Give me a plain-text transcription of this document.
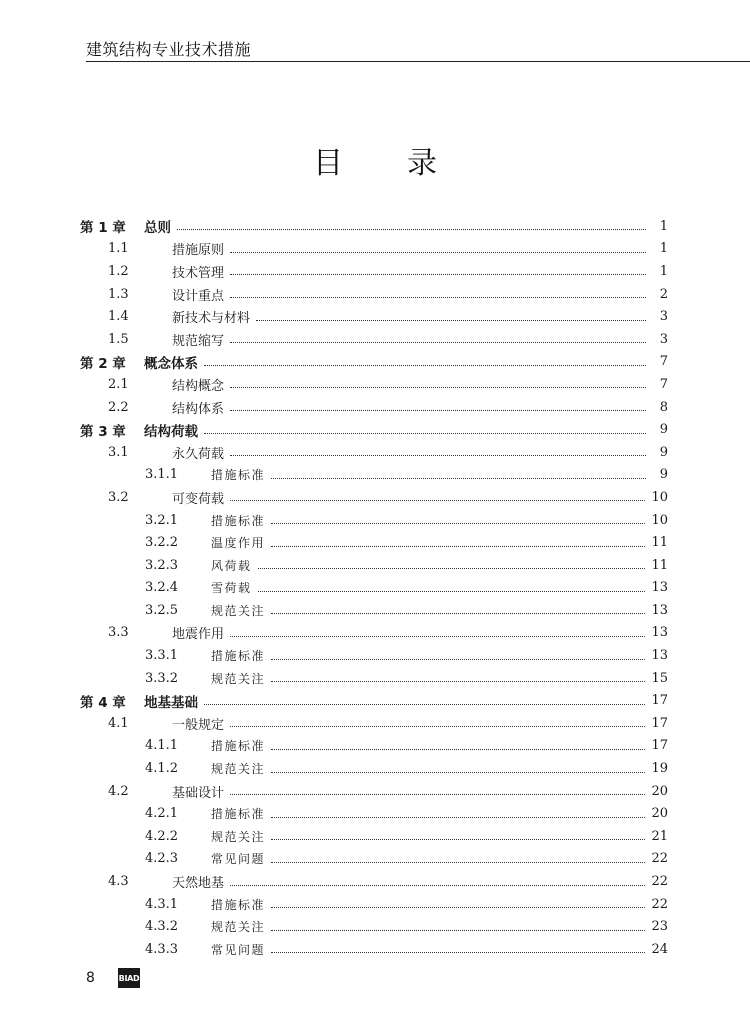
建筑结构专业技术措施
目录
第 1 章	总则	1
1.1	措施原则	1
1.2	技术管理	1
1.3	设计重点	2
1.4	新技术与材料	3
1.5	规范缩写	3
第 2 章	概念体系	7
2.1	结构概念	7
2.2	结构体系	8
第 3 章	结构荷载	9
3.1	永久荷载	9
3.1.1	措施标准	9
3.2	可变荷载	10
3.2.1	措施标准	10
3.2.2	温度作用	11
3.2.3	风荷载	11
3.2.4	雪荷载	13
3.2.5	规范关注	13
3.3	地震作用	13
3.3.1	措施标准	13
3.3.2	规范关注	15
第 4 章	地基基础	17
4.1	一般规定	17
4.1.1	措施标准	17
4.1.2	规范关注	19
4.2	基础设计	20
4.2.1	措施标准	20
4.2.2	规范关注	21
4.2.3	常见问题	22
4.3	天然地基	22
4.3.1	措施标准	22
4.3.2	规范关注	23
4.3.3	常见问题	24
8	BIAD
